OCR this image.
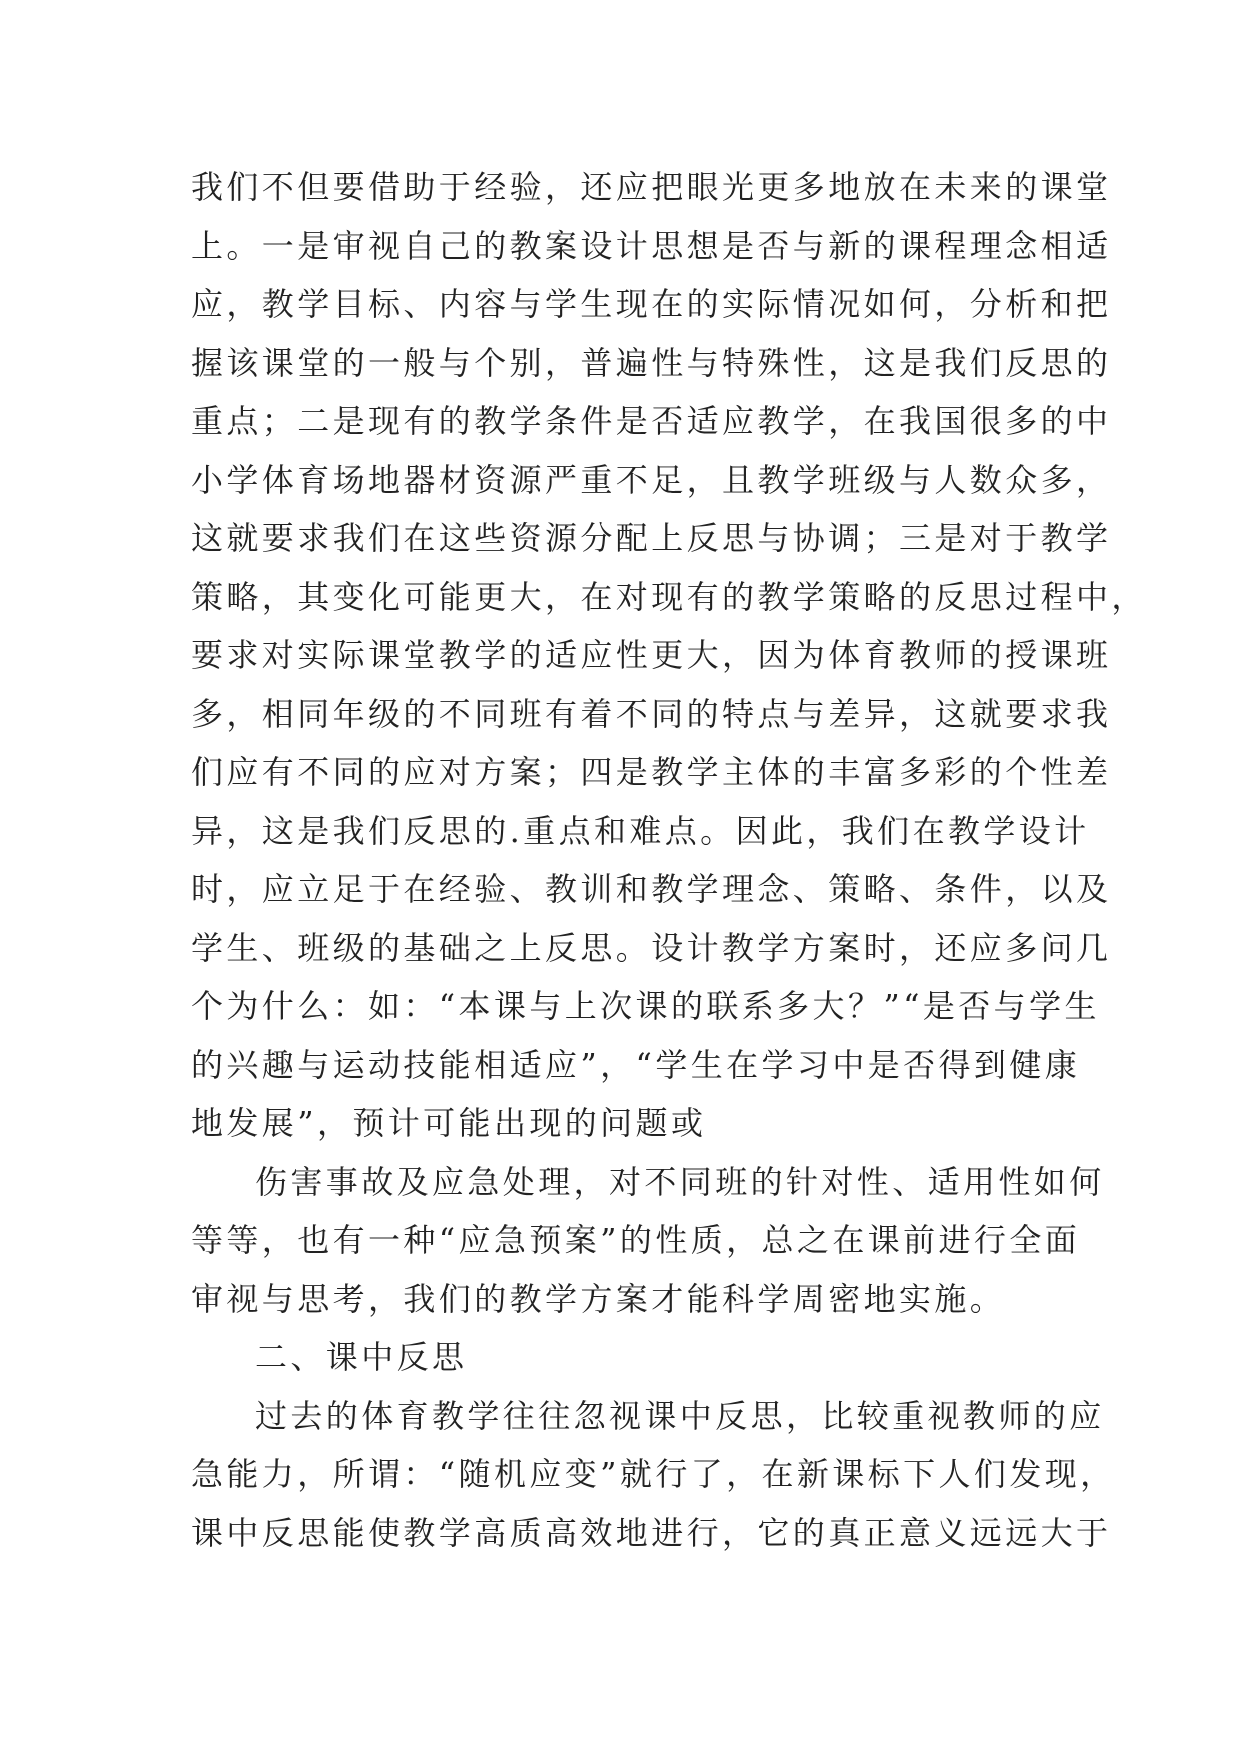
我们不但要借助于经验，还应把眼光更多地放在未来的课堂
上。一是审视自己的教案设计思想是否与新的课程理念相适
应，教学目标、内容与学生现在的实际情况如何，分析和把
握该课堂的一般与个别，普遍性与特殊性，这是我们反思的
重点；二是现有的教学条件是否适应教学，在我国很多的中
小学体育场地器材资源严重不足，且教学班级与人数众多，
这就要求我们在这些资源分配上反思与协调；三是对于教学
策略，其变化可能更大，在对现有的教学策略的反思过程中，
要求对实际课堂教学的适应性更大，因为体育教师的授课班
多，相同年级的不同班有着不同的特点与差异，这就要求我
们应有不同的应对方案；四是教学主体的丰富多彩的个性差
异，这是我们反思的.重点和难点。因此，我们在教学设计
时，应立足于在经验、教训和教学理念、策略、条件，以及
学生、班级的基础之上反思。设计教学方案时，还应多问几
个为什么：如：“本课与上次课的联系多大？”“是否与学生
的兴趣与运动技能相适应”，“学生在学习中是否得到健康
地发展”，预计可能出现的问题或
伤害事故及应急处理，对不同班的针对性、适用性如何
等等，也有一种“应急预案”的性质，总之在课前进行全面
审视与思考，我们的教学方案才能科学周密地实施。
二、课中反思
过去的体育教学往往忽视课中反思，比较重视教师的应
急能力，所谓：“随机应变”就行了，在新课标下人们发现，
课中反思能使教学高质高效地进行，它的真正意义远远大于
